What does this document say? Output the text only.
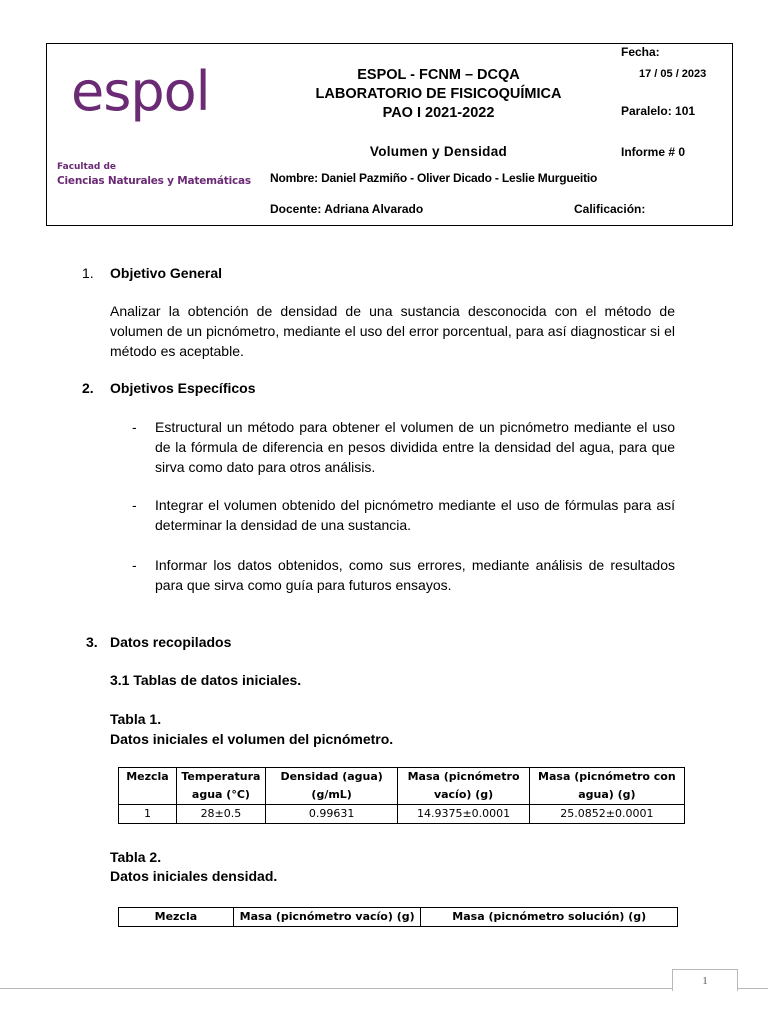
espol
Facultad de
Ciencias Naturales y Matemáticas
ESPOL - FCNM – DCQA
LABORATORIO DE FISICOQUÍMICA
PAO I 2021-2022
Fecha:
17 / 05 / 2023
Paralelo: 101
Volumen y Densidad	Informe # 0
Nombre: Daniel Pazmiño - Oliver Dicado - Leslie Murgueitio
Docente: Adriana Alvarado	Calificación:
1. Objetivo General
Analizar la obtención de densidad de una sustancia desconocida con el método de volumen de un picnómetro, mediante el uso del error porcentual, para así diagnosticar si el método es aceptable.
2. Objetivos Específicos
- Estructural un método para obtener el volumen de un picnómetro mediante el uso de la fórmula de diferencia en pesos dividida entre la densidad del agua, para que sirva como dato para otros análisis.
- Integrar el volumen obtenido del picnómetro mediante el uso de fórmulas para así determinar la densidad de una sustancia.
- Informar los datos obtenidos, como sus errores, mediante análisis de resultados para que sirva como guía para futuros ensayos.
3. Datos recopilados
3.1 Tablas de datos iniciales.
Tabla 1.
Datos iniciales el volumen del picnómetro.
Mezcla	Temperatura agua (°C)	Densidad (agua) (g/mL)	Masa (picnómetro vacío) (g)	Masa (picnómetro con agua) (g)
1	28±0.5	0.99631	14.9375±0.0001	25.0852±0.0001
Tabla 2.
Datos iniciales densidad.
Mezcla	Masa (picnómetro vacío) (g)	Masa (picnómetro solución) (g)
1
